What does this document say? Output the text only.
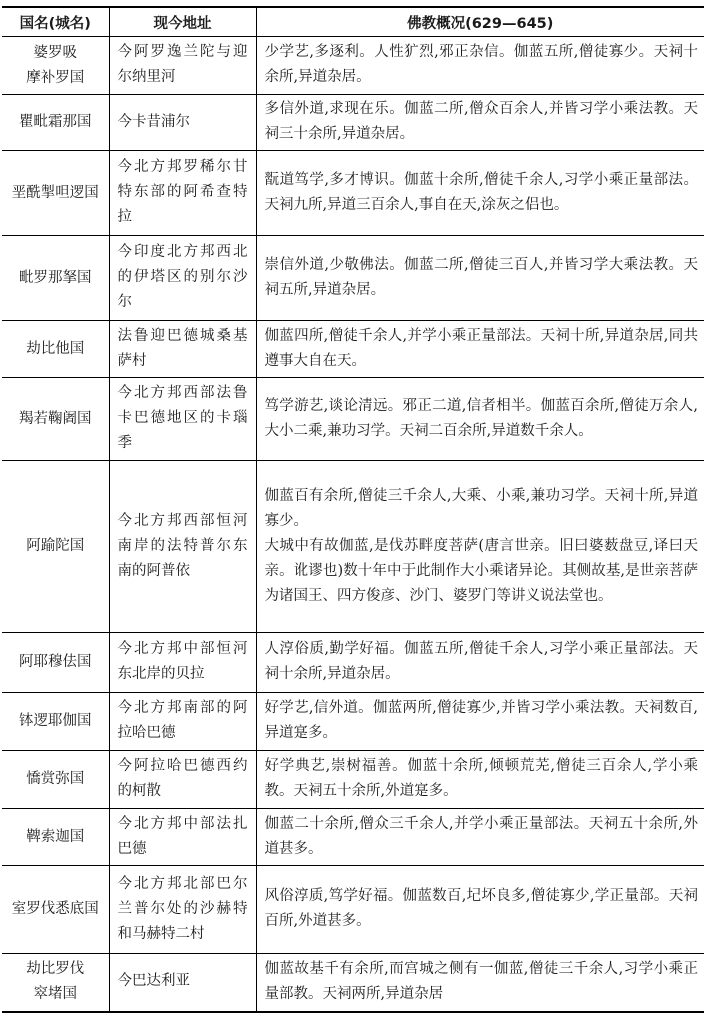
国名(城名)	现今地址	佛教概况(629—645)

婆罗吸
摩补罗国	今阿罗逸兰陀与迎尔纳里河	少学艺,多逐利。人性犷烈,邪正杂信。伽蓝五所,僧徒寡少。天祠十余所,异道杂居。

瞿毗霜那国	今卡昔浦尔	多信外道,求现在乐。伽蓝二所,僧众百余人,并皆习学小乘法教。天祠三十余所,异道杂居。

垩酰掣呾逻国	今北方邦罗稀尔甘特东部的阿希查特拉	翫道笃学,多才博识。伽蓝十余所,僧徒千余人,习学小乘正量部法。天祠九所,异道三百余人,事自在天,涂灰之侣也。

毗罗那拏国	今印度北方邦西北的伊塔区的别尔沙尔	崇信外道,少敬佛法。伽蓝二所,僧徒三百人,并皆习学大乘法教。天祠五所,异道杂居。

劫比他国	法鲁迎巴德城桑基萨村	伽蓝四所,僧徒千余人,并学小乘正量部法。天祠十所,异道杂居,同共遵事大自在天。

羯若鞠阇国	今北方邦西部法鲁卡巴德地区的卡瑙季	笃学游艺,谈论清远。邪正二道,信者相半。伽蓝百余所,僧徒万余人,大小二乘,兼功习学。天祠二百余所,异道数千余人。

阿踰陀国	今北方邦西部恒河南岸的法特普尔东南的阿普依	伽蓝百有余所,僧徒三千余人,大乘、小乘,兼功习学。天祠十所,异道寡少。
大城中有故伽蓝,是伐苏畔度菩萨(唐言世亲。旧曰婆薮盘豆,译曰天亲。讹谬也)数十年中于此制作大小乘诸异论。其侧故基,是世亲菩萨为诸国王、四方俊彦、沙门、婆罗门等讲义说法堂也。

阿耶穆佉国	今北方邦中部恒河东北岸的贝拉	人淳俗质,勤学好福。伽蓝五所,僧徒千余人,习学小乘正量部法。天祠十余所,异道杂居。

钵逻耶伽国	今北方邦南部的阿拉哈巴德	好学艺,信外道。伽蓝两所,僧徒寡少,并皆习学小乘法教。天祠数百,异道寔多。

憍赏弥国	今阿拉哈巴德西约的柯散	好学典艺,崇树福善。伽蓝十余所,倾顿荒芜,僧徒三百余人,学小乘教。天祠五十余所,外道寔多。

鞞索迦国	今北方邦中部法扎巴德	伽蓝二十余所,僧众三千余人,并学小乘正量部法。天祠五十余所,外道甚多。

室罗伐悉底国	今北方邦北部巴尔兰普尔处的沙赫特和马赫特二村	风俗淳质,笃学好福。伽蓝数百,圮坏良多,僧徒寡少,学正量部。天祠百所,外道甚多。

劫比罗伐
窣堵国	今巴达利亚	伽蓝故基千有余所,而宫城之侧有一伽蓝,僧徒三千余人,习学小乘正量部教。天祠两所,异道杂居
